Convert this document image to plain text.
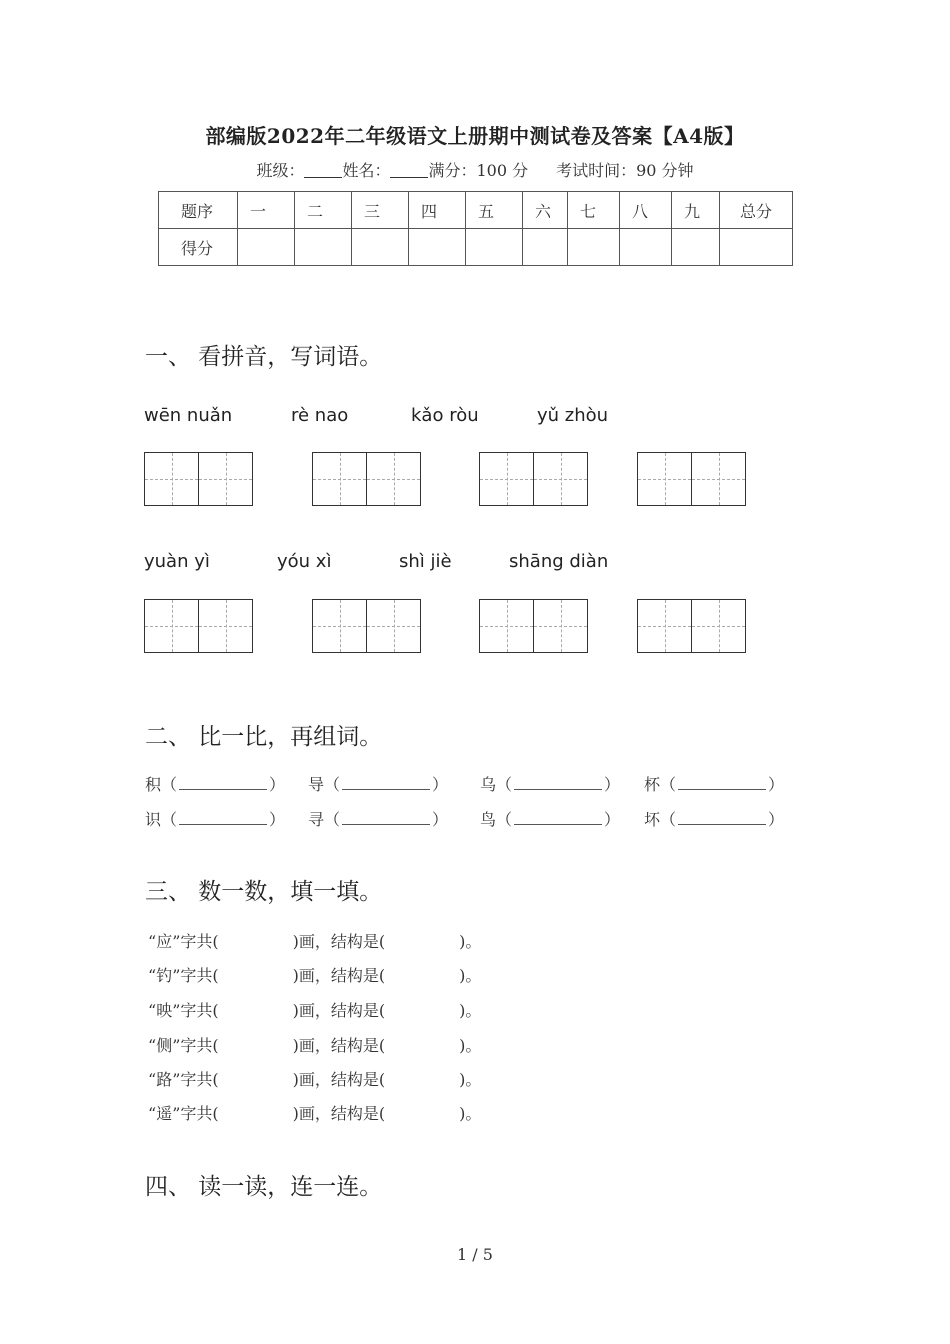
部编版2022年二年级语文上册期中测试卷及答案【A4版】
班级： 姓名： 满分：100 分 考试时间：90 分钟
题序	一	二	三	四	五	六	七	八	九	总分
得分										
一、 看拼音，写词语。
wēn nuǎn	rè nao	kǎo ròu	yǔ zhòu
yuàn yì	yóu xì	shì jiè	shāng diàn
二、 比一比，再组词。
积（	） 导（	） 乌（	） 杯（	）
识（	） 寻（	） 鸟（	） 坏（	）
三、 数一数，填一填。
“应”字共(	)画，结构是(	)。
“钓”字共(	)画，结构是(	)。
“映”字共(	)画，结构是(	)。
“侧”字共(	)画，结构是(	)。
“路”字共(	)画，结构是(	)。
“遥”字共(	)画，结构是(	)。
四、 读一读，连一连。
1 / 5
